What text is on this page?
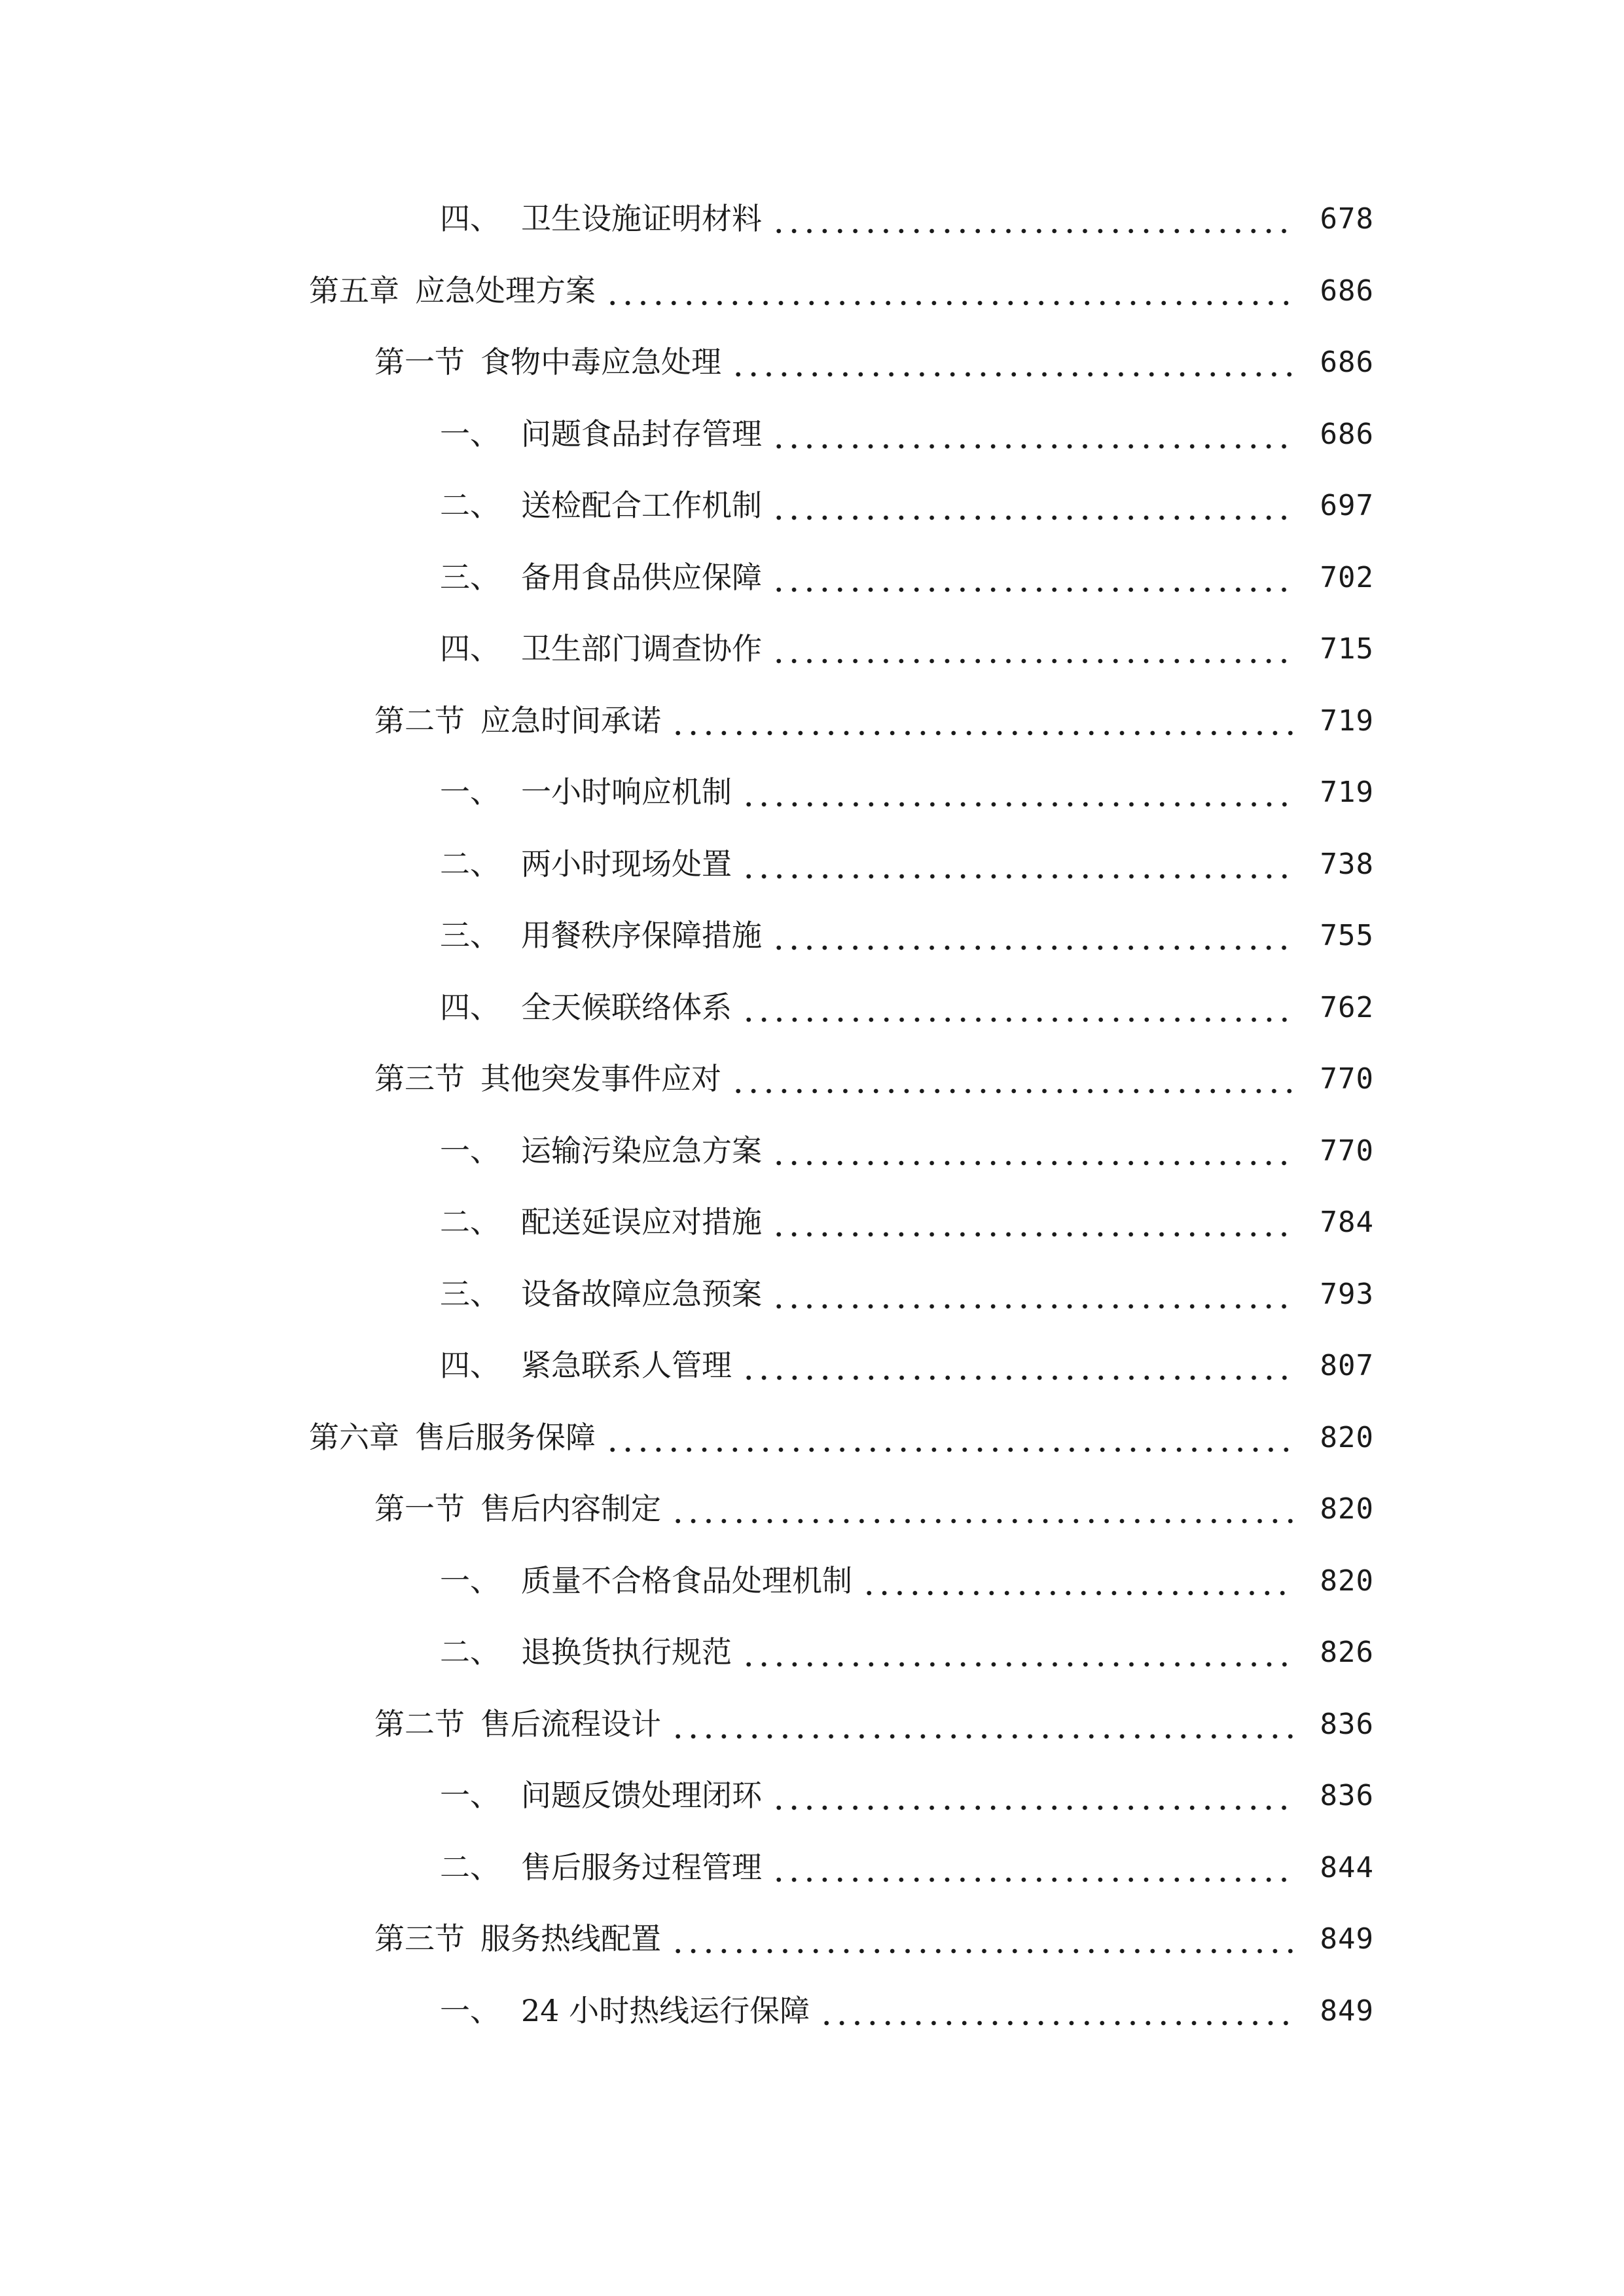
四、 卫生设施证明材料	678
第五章 应急处理方案	686
第一节 食物中毒应急处理	686
一、 问题食品封存管理	686
二、 送检配合工作机制	697
三、 备用食品供应保障	702
四、 卫生部门调查协作	715
第二节 应急时间承诺	719
一、 一小时响应机制	719
二、 两小时现场处置	738
三、 用餐秩序保障措施	755
四、 全天候联络体系	762
第三节 其他突发事件应对	770
一、 运输污染应急方案	770
二、 配送延误应对措施	784
三、 设备故障应急预案	793
四、 紧急联系人管理	807
第六章 售后服务保障	820
第一节 售后内容制定	820
一、 质量不合格食品处理机制	820
二、 退换货执行规范	826
第二节 售后流程设计	836
一、 问题反馈处理闭环	836
二、 售后服务过程管理	844
第三节 服务热线配置	849
一、 24 小时热线运行保障	849
